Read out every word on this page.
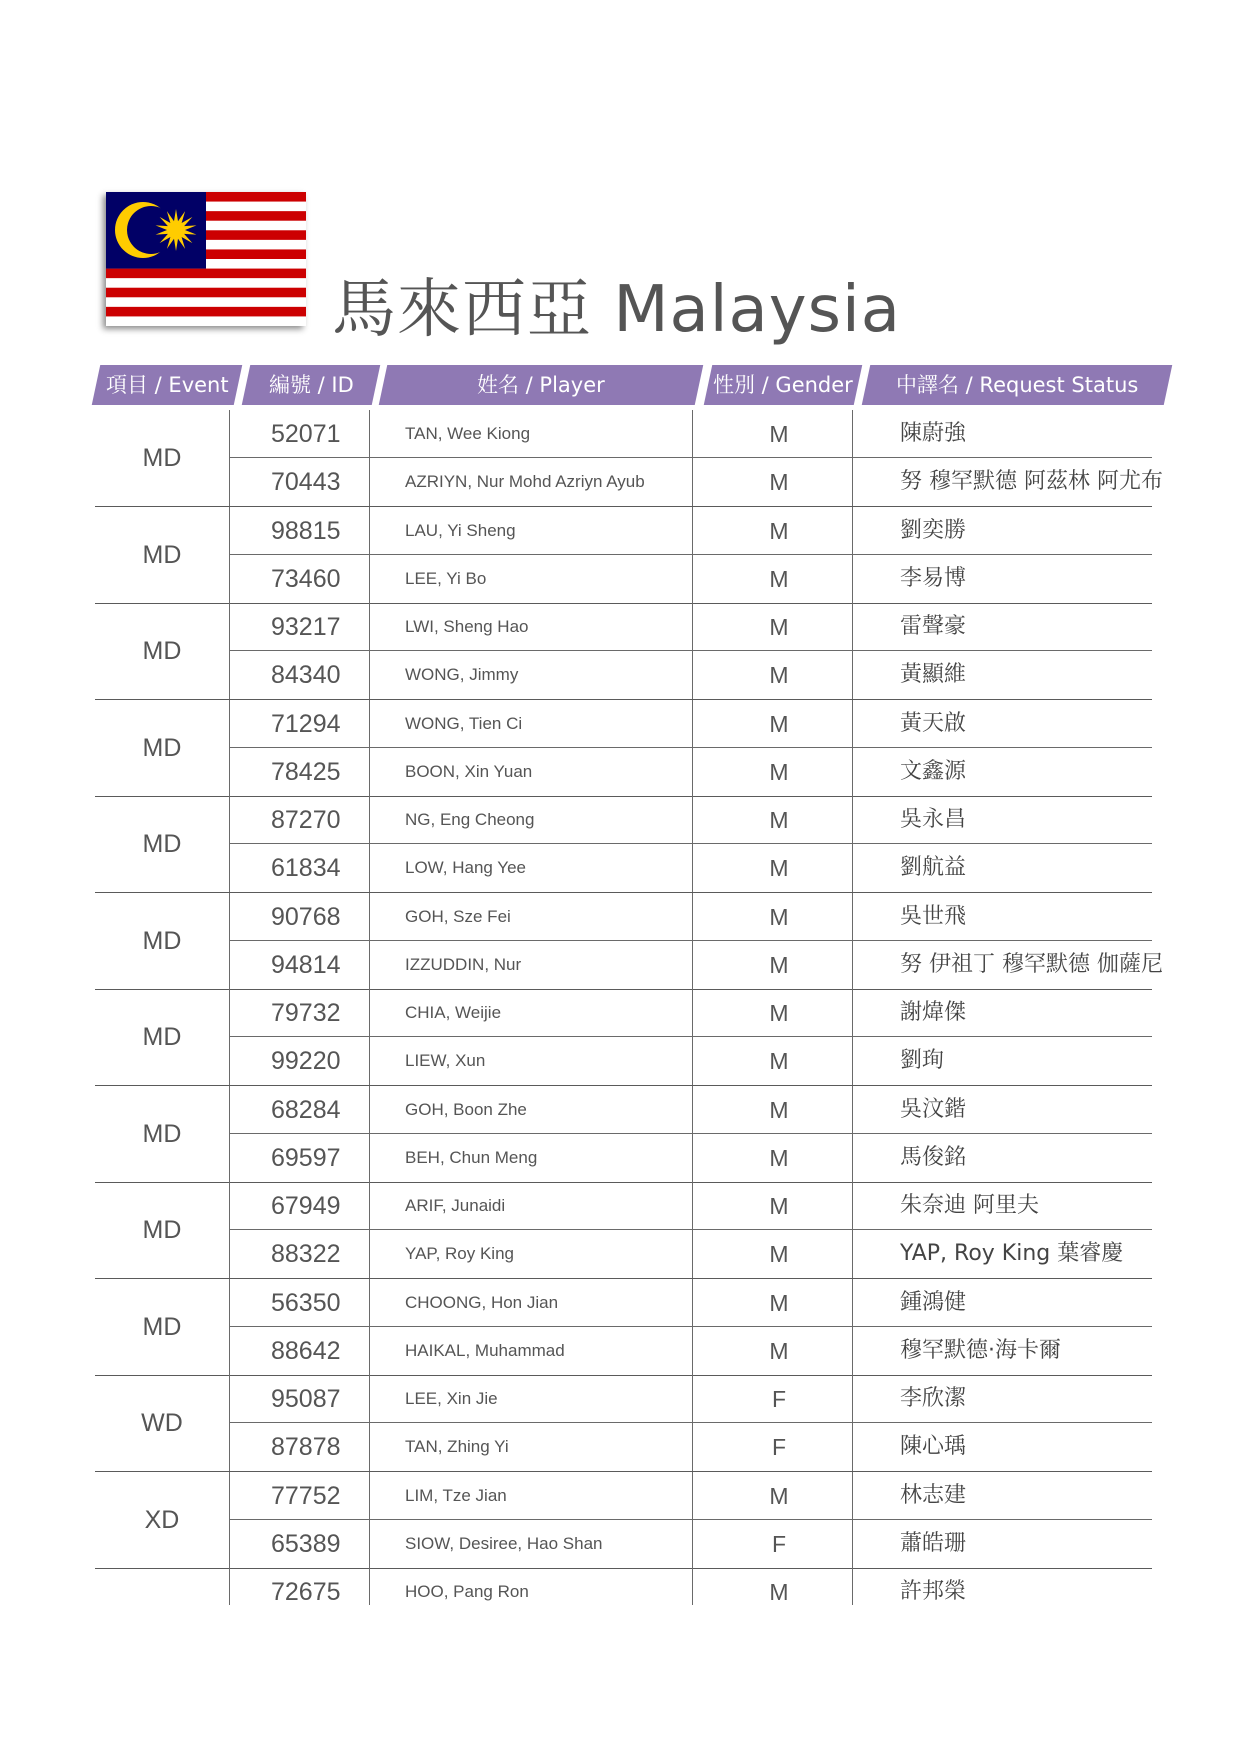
馬來西亞 Malaysia
項目 / Event	編號 / ID	姓名 / Player	性別 / Gender	中譯名 / Request Status
MD
52071	TAN, Wee Kiong	M	陳蔚強
70443	AZRIYN, Nur Mohd Azriyn Ayub	M	努 穆罕默德 阿茲林 阿尤布
MD
98815	LAU, Yi Sheng	M	劉奕勝
73460	LEE, Yi Bo	M	李易博
MD
93217	LWI, Sheng Hao	M	雷聲豪
84340	WONG, Jimmy	M	黃顯維
MD
71294	WONG, Tien Ci	M	黃天啟
78425	BOON, Xin Yuan	M	文鑫源
MD
87270	NG, Eng Cheong	M	吳永昌
61834	LOW, Hang Yee	M	劉航益
MD
90768	GOH, Sze Fei	M	吳世飛
94814	IZZUDDIN, Nur	M	努 伊祖丁 穆罕默德 伽薩尼
MD
79732	CHIA, Weijie	M	謝煒傑
99220	LIEW, Xun	M	劉珣
MD
68284	GOH, Boon Zhe	M	吳汶鍇
69597	BEH, Chun Meng	M	馬俊銘
MD
67949	ARIF, Junaidi	M	朱奈迪 阿里夫
88322	YAP, Roy King	M	YAP, Roy King 葉睿慶
MD
56350	CHOONG, Hon Jian	M	鍾鴻健
88642	HAIKAL, Muhammad	M	穆罕默德·海卡爾
WD
95087	LEE, Xin Jie	F	李欣潔
87878	TAN, Zhing Yi	F	陳心瑀
XD
77752	LIM, Tze Jian	M	林志建
65389	SIOW, Desiree, Hao Shan	F	蕭皓珊
72675	HOO, Pang Ron	M	許邦榮
